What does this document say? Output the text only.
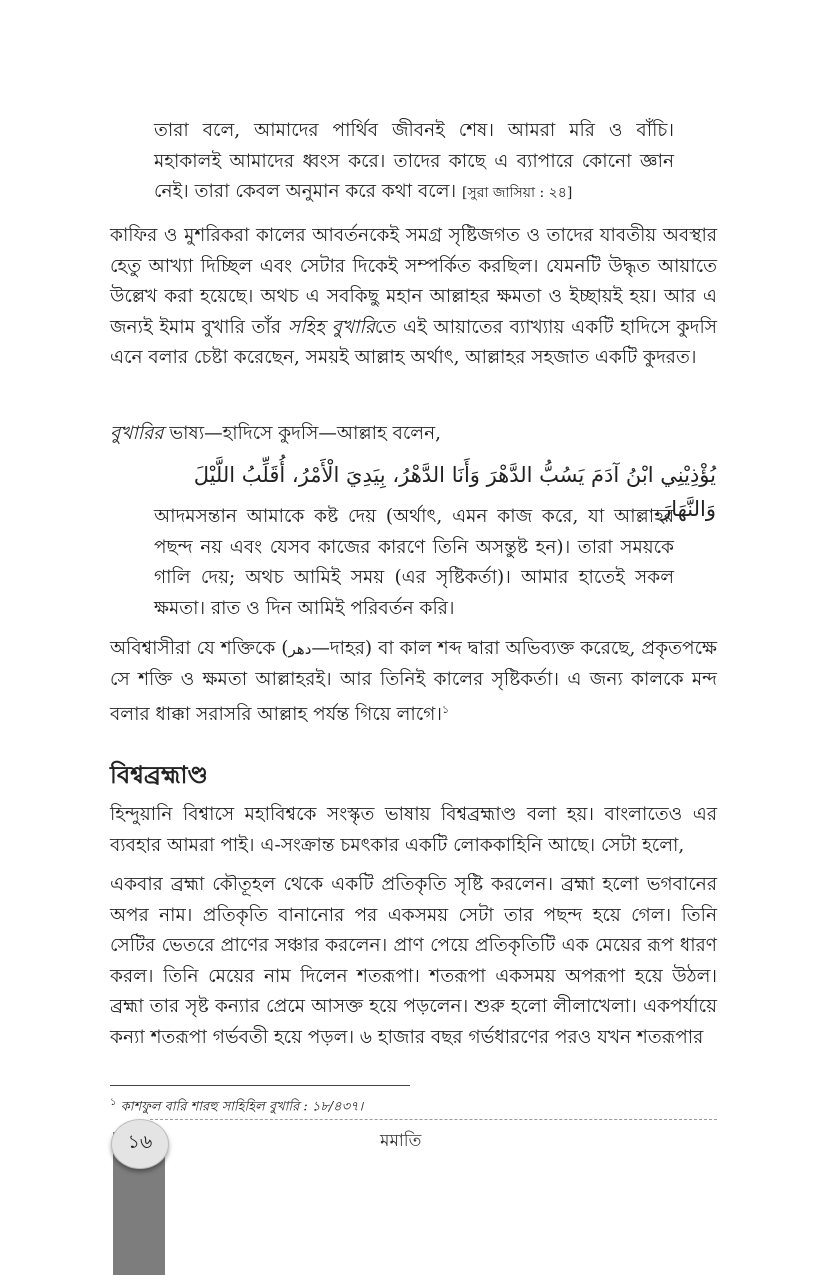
তারা বলে, আমাদের পার্থিব জীবনই শেষ। আমরা মরি ও বাঁচি। মহাকালই আমাদের ধ্বংস করে। তাদের কাছে এ ব্যাপারে কোনো জ্ঞান নেই। তারা কেবল অনুমান করে কথা বলে। [সুরা জাসিয়া : ২৪]

কাফির ও মুশরিকরা কালের আবর্তনকেই সমগ্র সৃষ্টিজগত ও তাদের যাবতীয় অবস্থার হেতু আখ্যা দিচ্ছিল এবং সেটার দিকেই সম্পর্কিত করছিল। যেমনটি উদ্ধৃত আয়াতে উল্লেখ করা হয়েছে। অথচ এ সবকিছু মহান আল্লাহর ক্ষমতা ও ইচ্ছায়ই হয়। আর এ জন্যই ইমাম বুখারি তাঁর সহিহ বুখারিতে এই আয়াতের ব্যাখ্যায় একটি হাদিসে কুদসি এনে বলার চেষ্টা করেছেন, সময়ই আল্লাহ অর্থাৎ, আল্লাহর সহজাত একটি কুদরত।

বুখারির ভাষ্য—হাদিসে কুদসি—আল্লাহ বলেন,

يُؤْذِيْنِي ابْنُ آدَمَ يَسُبُّ الدَّهْرَ وَأَنَا الدَّهْرُ، بِيَدِيَ الْأَمْرُ، أُقَلِّبُ اللَّيْلَ وَالنَّهَارَ.

আদমসন্তান আমাকে কষ্ট দেয় (অর্থাৎ, এমন কাজ করে, যা আল্লাহর পছন্দ নয় এবং যেসব কাজের কারণে তিনি অসন্তুষ্ট হন)। তারা সময়কে গালি দেয়; অথচ আমিই সময় (এর সৃষ্টিকর্তা)। আমার হাতেই সকল ক্ষমতা। রাত ও দিন আমিই পরিবর্তন করি।

অবিশ্বাসীরা যে শক্তিকে (دهر—দাহর) বা কাল শব্দ দ্বারা অভিব্যক্ত করেছে, প্রকৃতপক্ষে সে শক্তি ও ক্ষমতা আল্লাহরই। আর তিনিই কালের সৃষ্টিকর্তা। এ জন্য কালকে মন্দ বলার ধাক্কা সরাসরি আল্লাহ পর্যন্ত গিয়ে লাগে।$^১$

বিশ্বব্রহ্মাণ্ড

হিন্দুয়ানি বিশ্বাসে মহাবিশ্বকে সংস্কৃত ভাষায় বিশ্বব্রহ্মাণ্ড বলা হয়। বাংলাতেও এর ব্যবহার আমরা পাই। এ-সংক্রান্ত চমৎকার একটি লোককাহিনি আছে। সেটা হলো,

একবার ব্রহ্মা কৌতূহল থেকে একটি প্রতিকৃতি সৃষ্টি করলেন। ব্রহ্মা হলো ভগবানের অপর নাম। প্রতিকৃতি বানানোর পর একসময় সেটা তার পছন্দ হয়ে গেল। তিনি সেটির ভেতরে প্রাণের সঞ্চার করলেন। প্রাণ পেয়ে প্রতিকৃতিটি এক মেয়ের রূপ ধারণ করল। তিনি মেয়ের নাম দিলেন শতরূপা। শতরূপা একসময় অপরূপা হয়ে উঠল। ব্রহ্মা তার সৃষ্ট কন্যার প্রেমে আসক্ত হয়ে পড়লেন। শুরু হলো লীলাখেলা। একপর্যায়ে কন্যা শতরূপা গর্ভবতী হয়ে পড়ল। ৬ হাজার বছর গর্ভধারণের পরও যখন শতরূপার

$^১$ কাশফুল বারি শারহু সাহিহিল বুখারি : ১৮/৪৩৭।

১৬	মমাতি
